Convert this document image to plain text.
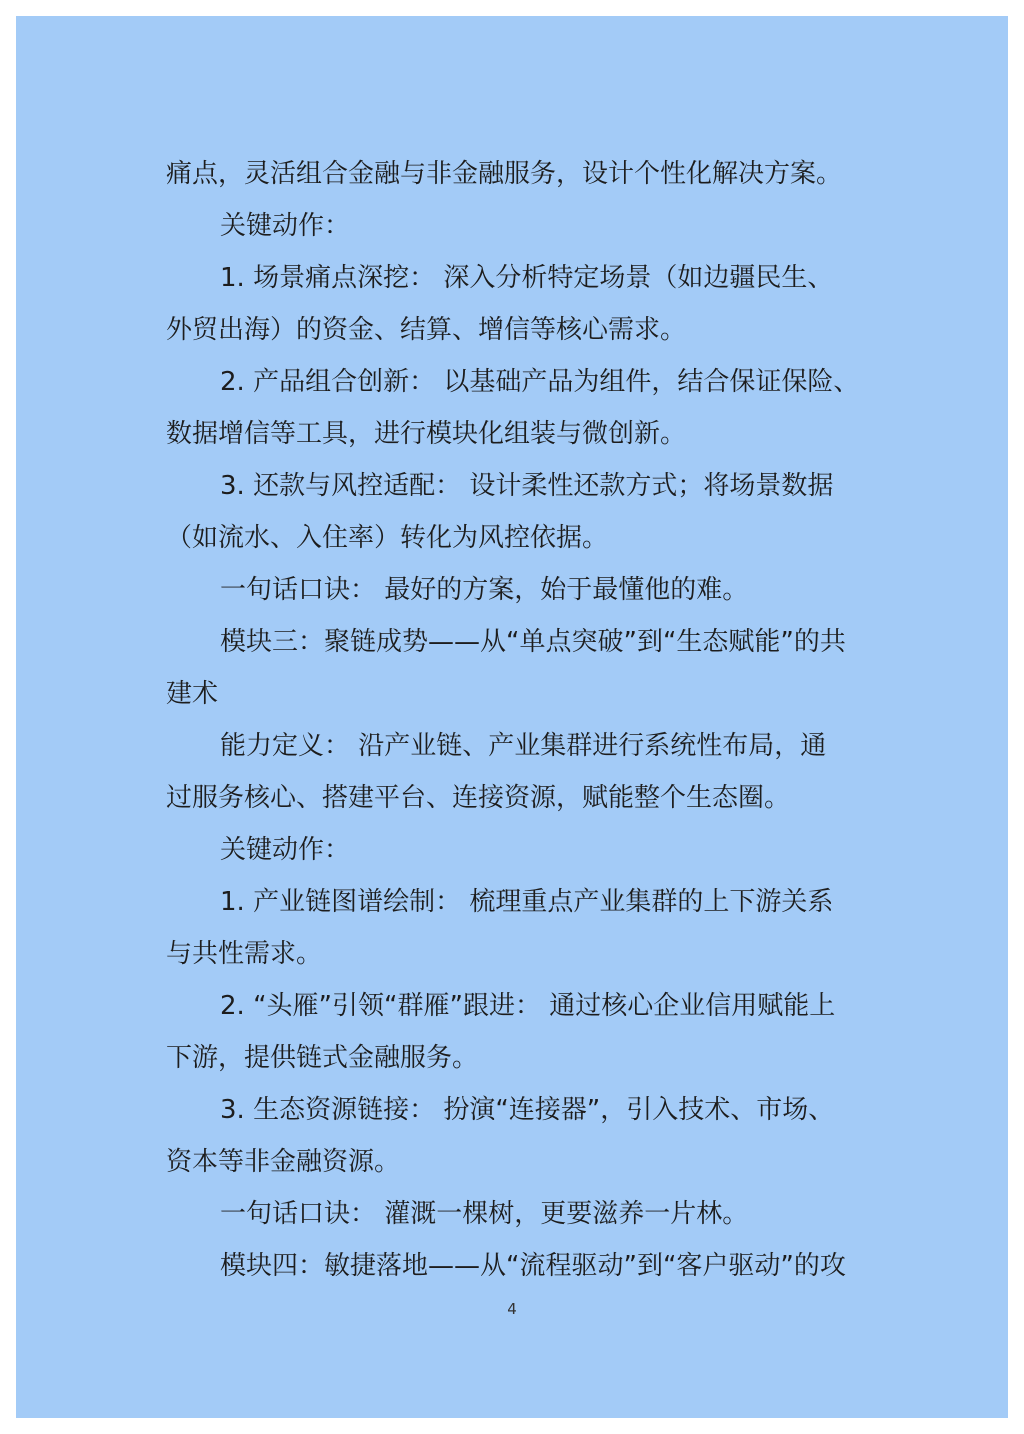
痛点，灵活组合金融与非金融服务，设计个性化解决方案。
关键动作：
1. 场景痛点深挖： 深入分析特定场景（如边疆民生、
外贸出海）的资金、结算、增信等核心需求。
2. 产品组合创新： 以基础产品为组件，结合保证保险、
数据增信等工具，进行模块化组装与微创新。
3. 还款与风控适配： 设计柔性还款方式；将场景数据
（如流水、入住率）转化为风控依据。
一句话口诀： 最好的方案，始于最懂他的难。
模块三：聚链成势——从“单点突破”到“生态赋能”的共
建术
能力定义： 沿产业链、产业集群进行系统性布局，通
过服务核心、搭建平台、连接资源，赋能整个生态圈。
关键动作：
1. 产业链图谱绘制： 梳理重点产业集群的上下游关系
与共性需求。
2. “头雁”引领“群雁”跟进： 通过核心企业信用赋能上
下游，提供链式金融服务。
3. 生态资源链接： 扮演“连接器”，引入技术、市场、
资本等非金融资源。
一句话口诀： 灌溉一棵树，更要滋养一片林。
模块四：敏捷落地——从“流程驱动”到“客户驱动”的攻
4
